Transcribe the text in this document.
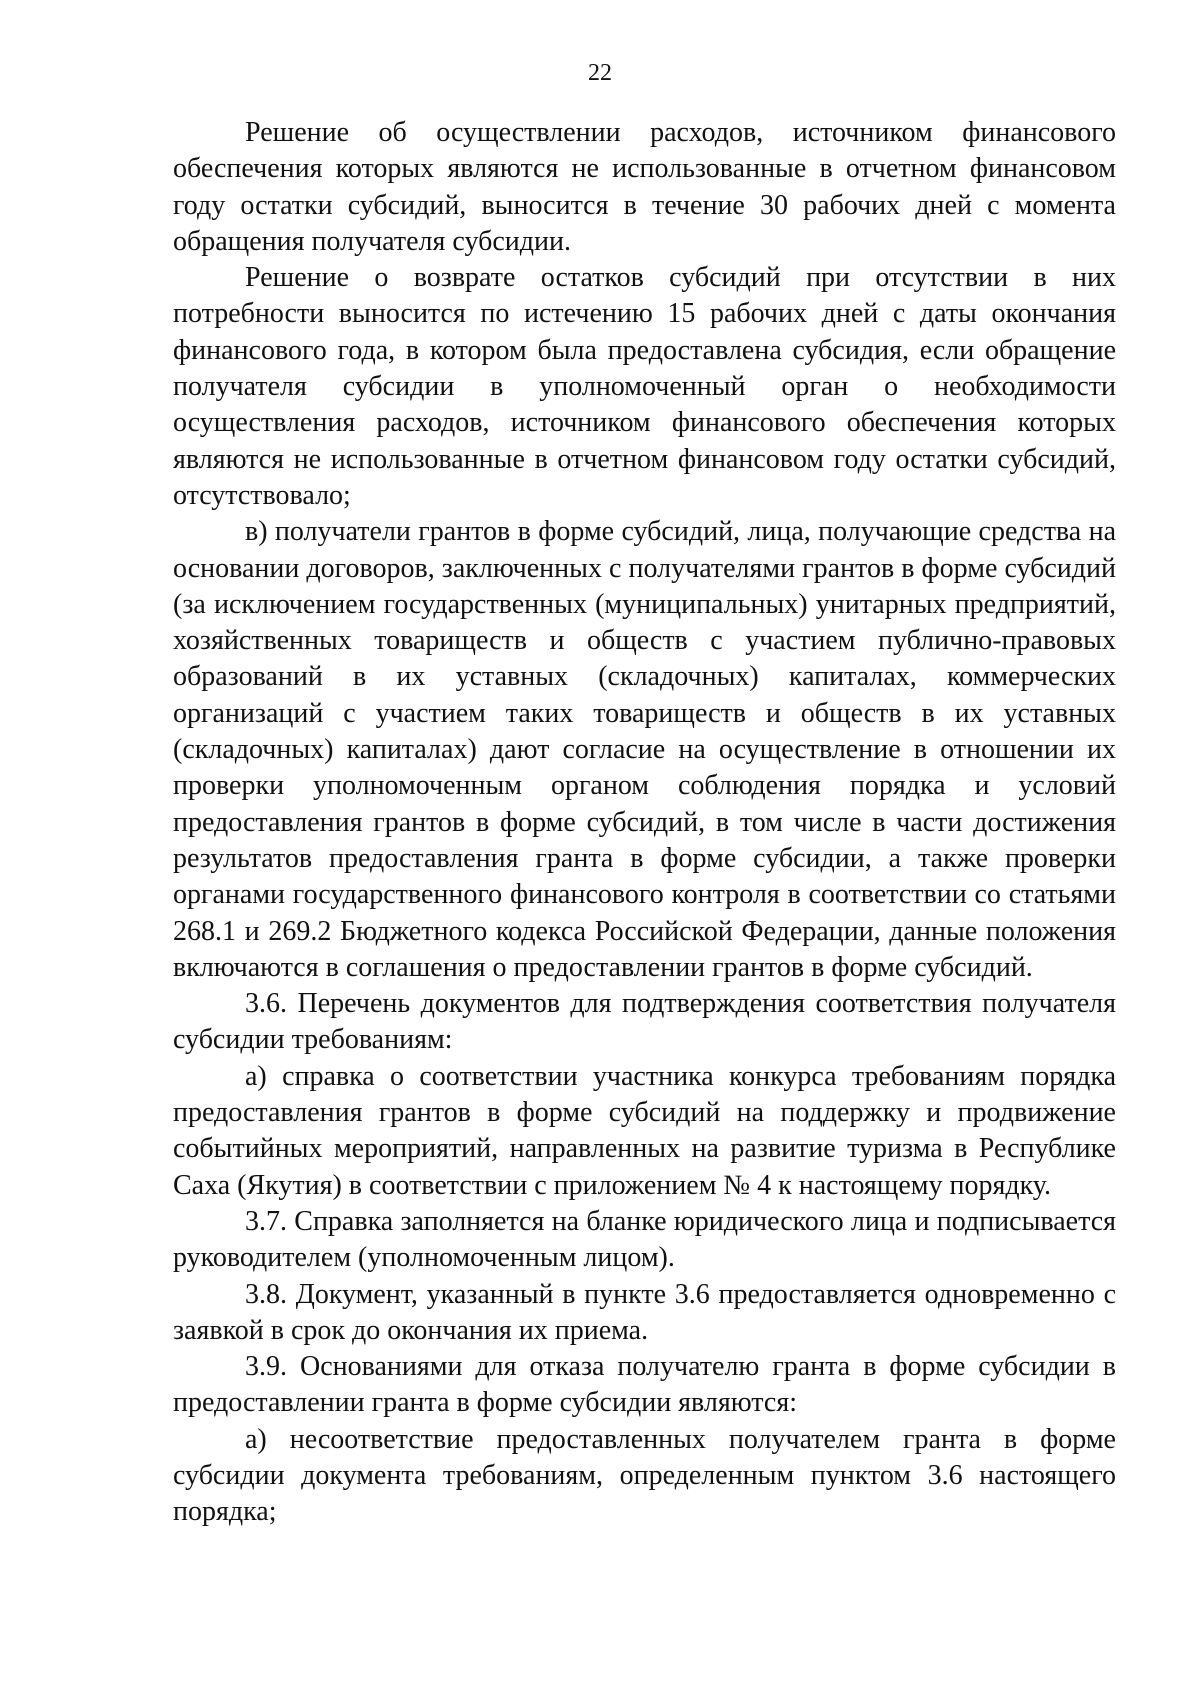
22

Решение об осуществлении расходов, источником финансового обеспечения которых являются не использованные в отчетном финансовом году остатки субсидий, выносится в течение 30 рабочих дней с момента обращения получателя субсидии.

Решение о возврате остатков субсидий при отсутствии в них потребности выносится по истечению 15 рабочих дней с даты окончания финансового года, в котором была предоставлена субсидия, если обращение получателя субсидии в уполномоченный орган о необходимости осуществления расходов, источником финансового обеспечения которых являются не использованные в отчетном финансовом году остатки субсидий, отсутствовало;

в) получатели грантов в форме субсидий, лица, получающие средства на основании договоров, заключенных с получателями грантов в форме субсидий (за исключением государственных (муниципальных) унитарных предприятий, хозяйственных товариществ и обществ с участием публично-правовых образований в их уставных (складочных) капиталах, коммерческих организаций с участием таких товариществ и обществ в их уставных (складочных) капиталах) дают согласие на осуществление в отношении их проверки уполномоченным органом соблюдения порядка и условий предоставления грантов в форме субсидий, в том числе в части достижения результатов предоставления гранта в форме субсидии, а также проверки органами государственного финансового контроля в соответствии со статьями 268.1 и 269.2 Бюджетного кодекса Российской Федерации, данные положения включаются в соглашения о предоставлении грантов в форме субсидий.

3.6. Перечень документов для подтверждения соответствия получателя субсидии требованиям:

а) справка о соответствии участника конкурса требованиям порядка предоставления грантов в форме субсидий на поддержку и продвижение событийных мероприятий, направленных на развитие туризма в Республике Саха (Якутия) в соответствии с приложением № 4 к настоящему порядку.

3.7. Справка заполняется на бланке юридического лица и подписывается руководителем (уполномоченным лицом).

3.8. Документ, указанный в пункте 3.6 предоставляется одновременно с заявкой в срок до окончания их приема.

3.9. Основаниями для отказа получателю гранта в форме субсидии в предоставлении гранта в форме субсидии являются:

а) несоответствие предоставленных получателем гранта в форме субсидии документа требованиям, определенным пунктом 3.6 настоящего порядка;
